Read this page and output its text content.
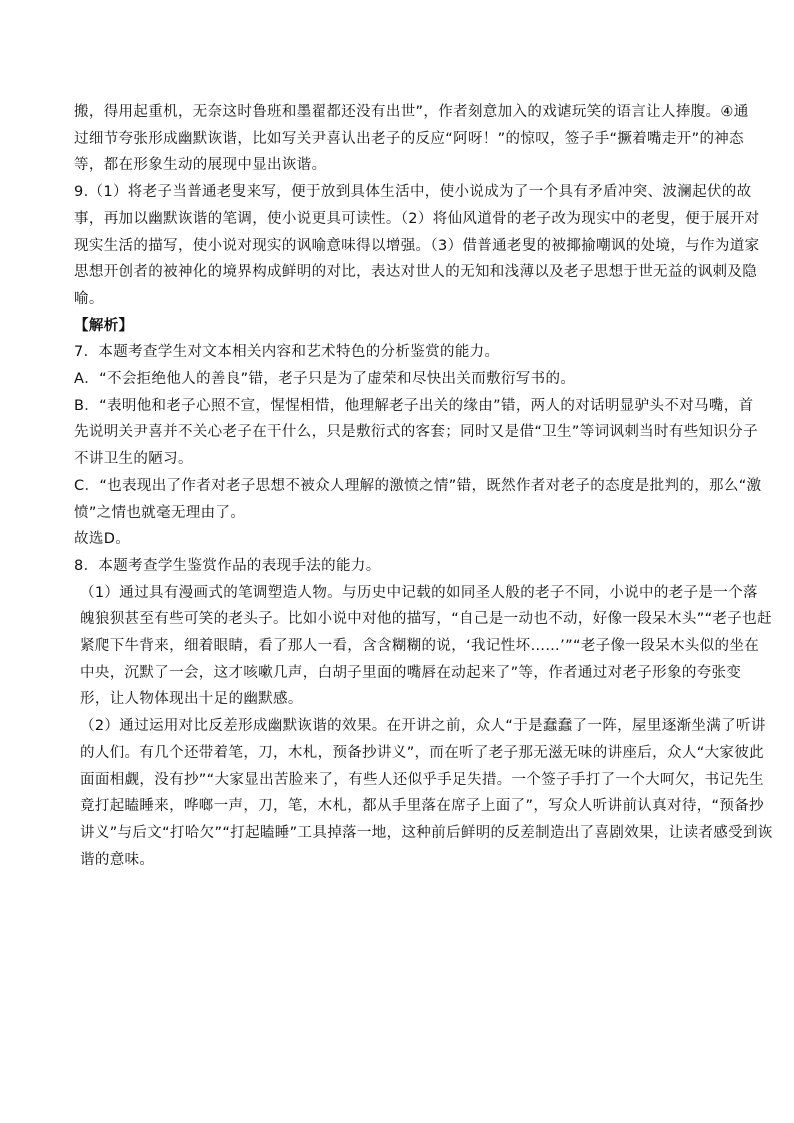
搬，得用起重机，无奈这时鲁班和墨翟都还没有出世”，作者刻意加入的戏谑玩笑的语言让人捧腹。④通
过细节夸张形成幽默诙谐，比如写关尹喜认出老子的反应“阿呀！”的惊叹，签子手“撅着嘴走开”的神态
等，都在形象生动的展现中显出诙谐。

9.（1）将老子当普通老叟来写，便于放到具体生活中，使小说成为了一个具有矛盾冲突、波澜起伏的故
事，再加以幽默诙谐的笔调，使小说更具可读性。（2）将仙风道骨的老子改为现实中的老叟，便于展开对
现实生活的描写，使小说对现实的讽喻意味得以增强。（3）借普通老叟的被揶揄嘲讽的处境，与作为道家
思想开创者的被神化的境界构成鲜明的对比，表达对世人的无知和浅薄以及老子思想于世无益的讽刺及隐
喻。

【解析】

7．本题考查学生对文本相关内容和艺术特色的分析鉴赏的能力。

A．“不会拒绝他人的善良”错，老子只是为了虚荣和尽快出关而敷衍写书的。

B．“表明他和老子心照不宣，惺惺相惜，他理解老子出关的缘由”错，两人的对话明显驴头不对马嘴，首
先说明关尹喜并不关心老子在干什么，只是敷衍式的客套；同时又是借“卫生”等词讽刺当时有些知识分子
不讲卫生的陋习。

C．“也表现出了作者对老子思想不被众人理解的激愤之情”错，既然作者对老子的态度是批判的，那么“激
愤”之情也就毫无理由了。

故选D。

8．本题考查学生鉴赏作品的表现手法的能力。

（1）通过具有漫画式的笔调塑造人物。与历史中记载的如同圣人般的老子不同，小说中的老子是一个落
魄狼狈甚至有些可笑的老头子。比如小说中对他的描写，“自己是一动也不动，好像一段呆木头”“老子也赶
紧爬下牛背来，细着眼睛，看了那人一看，含含糊糊的说，‘我记性坏……’”“老子像一段呆木头似的坐在
中央，沉默了一会，这才咳嗽几声，白胡子里面的嘴唇在动起来了”等，作者通过对老子形象的夸张变
形，让人物体现出十足的幽默感。

（2）通过运用对比反差形成幽默诙谐的效果。在开讲之前，众人“于是蠢蠢了一阵，屋里逐渐坐满了听讲
的人们。有几个还带着笔，刀，木札，预备抄讲义”，而在听了老子那无滋无味的讲座后，众人“大家彼此
面面相觑，没有抄”“大家显出苦脸来了，有些人还似乎手足失措。一个签子手打了一个大呵欠，书记先生
竟打起瞌睡来，哗啷一声，刀，笔，木札，都从手里落在席子上面了”，写众人听讲前认真对待，“预备抄
讲义”与后文“打哈欠”“打起瞌睡”工具掉落一地，这种前后鲜明的反差制造出了喜剧效果，让读者感受到诙
谐的意味。
